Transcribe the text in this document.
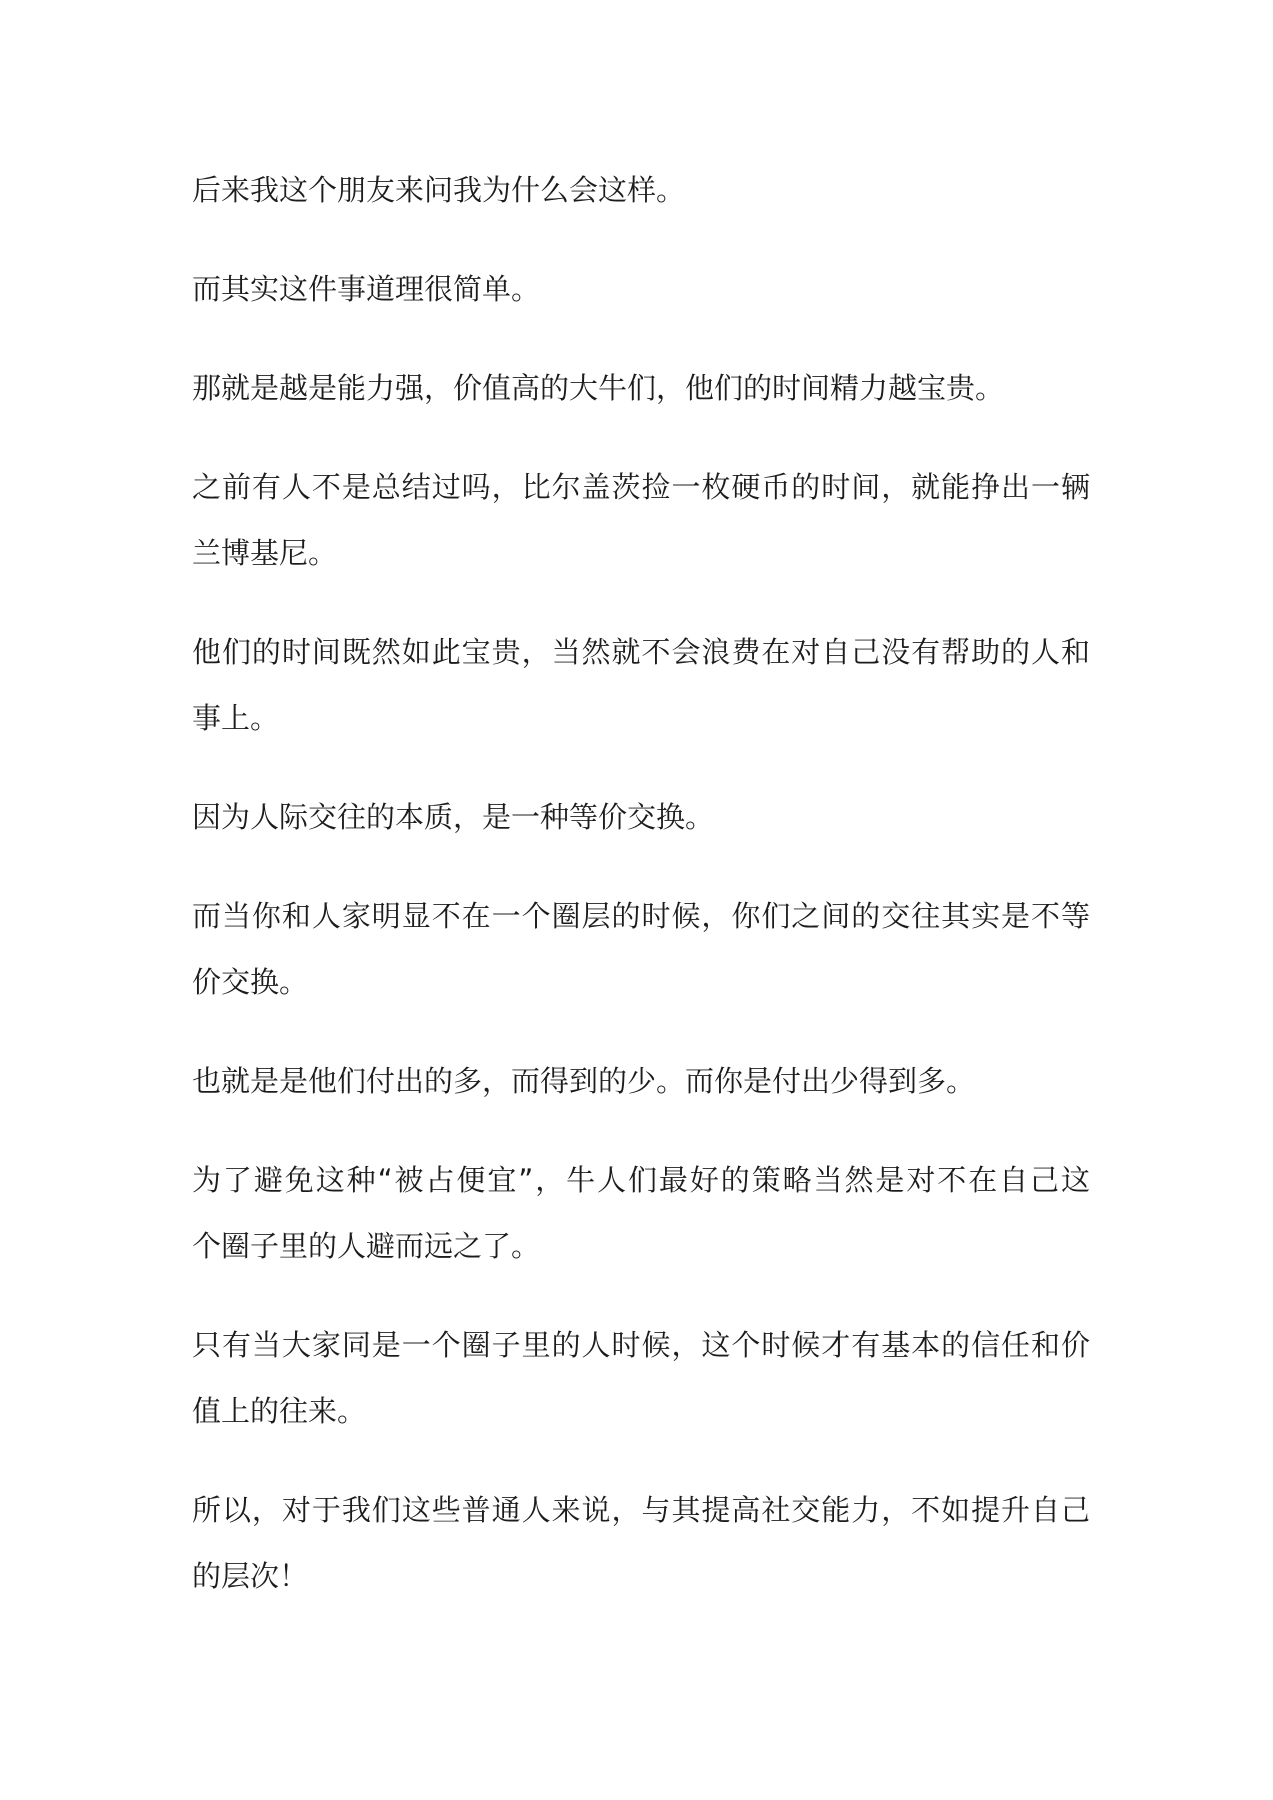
后来我这个朋友来问我为什么会这样。
而其实这件事道理很简单。
那就是越是能力强，价值高的大牛们，他们的时间精力越宝贵。
之前有人不是总结过吗，比尔盖茨捡一枚硬币的时间，就能挣出一辆
兰博基尼。
他们的时间既然如此宝贵，当然就不会浪费在对自己没有帮助的人和
事上。
因为人际交往的本质，是一种等价交换。
而当你和人家明显不在一个圈层的时候，你们之间的交往其实是不等
价交换。
也就是是他们付出的多，而得到的少。而你是付出少得到多。
为了避免这种“被占便宜”，牛人们最好的策略当然是对不在自己这
个圈子里的人避而远之了。
只有当大家同是一个圈子里的人时候，这个时候才有基本的信任和价
值上的往来。
所以，对于我们这些普通人来说，与其提高社交能力，不如提升自己
的层次！
